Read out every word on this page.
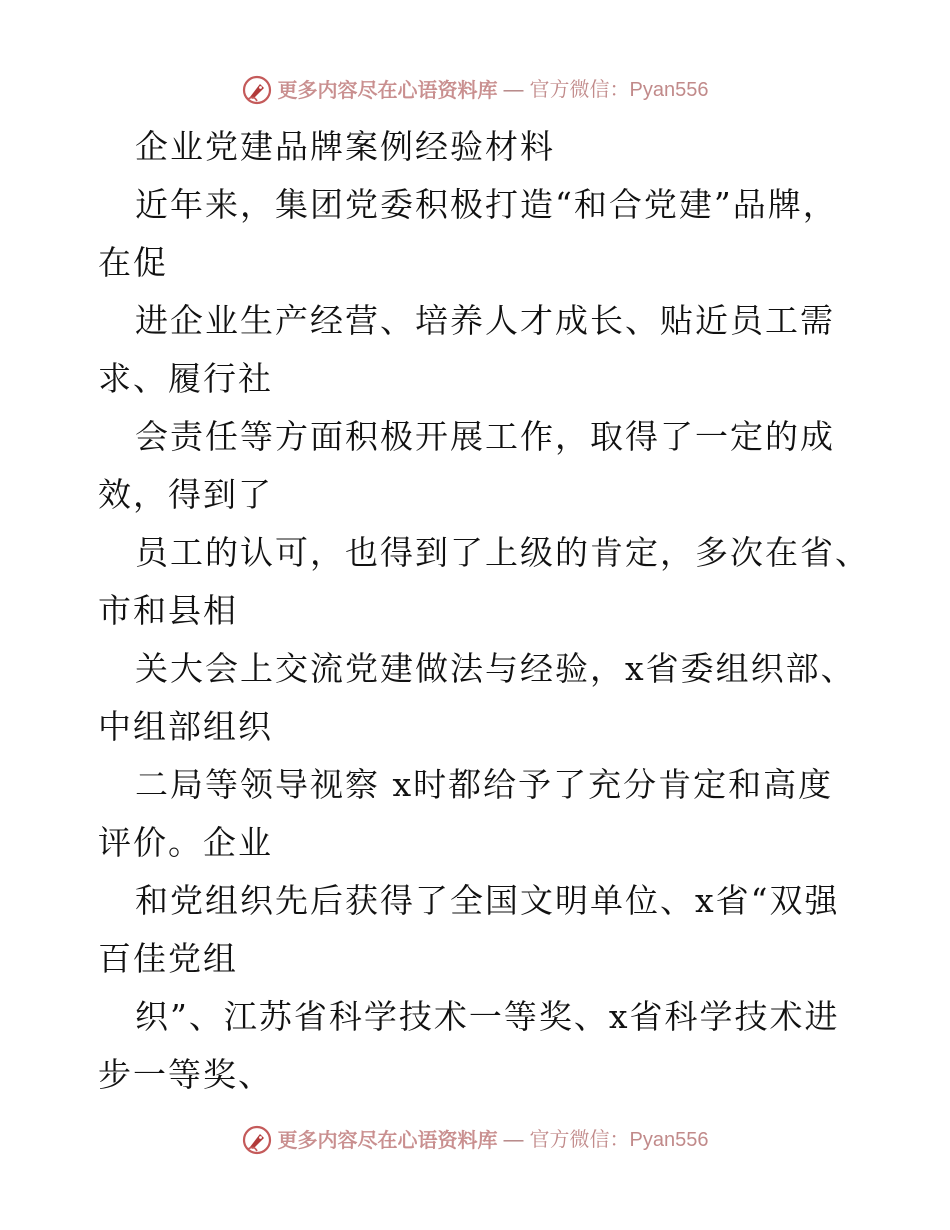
更多内容尽在心语资料库 — 官方微信：Pyan556
企业党建品牌案例经验材料
近年来，集团党委积极打造“和合党建”品牌，
在促
进企业生产经营、培养人才成长、贴近员工需
求、履行社
会责任等方面积极开展工作，取得了一定的成
效，得到了
员工的认可，也得到了上级的肯定，多次在省、
市和县相
关大会上交流党建做法与经验，x省委组织部、
中组部组织
二局等领导视察 x时都给予了充分肯定和高度
评价。企业
和党组织先后获得了全国文明单位、x省“双强
百佳党组
织”、江苏省科学技术一等奖、x省科学技术进
步一等奖、
更多内容尽在心语资料库 — 官方微信：Pyan556
